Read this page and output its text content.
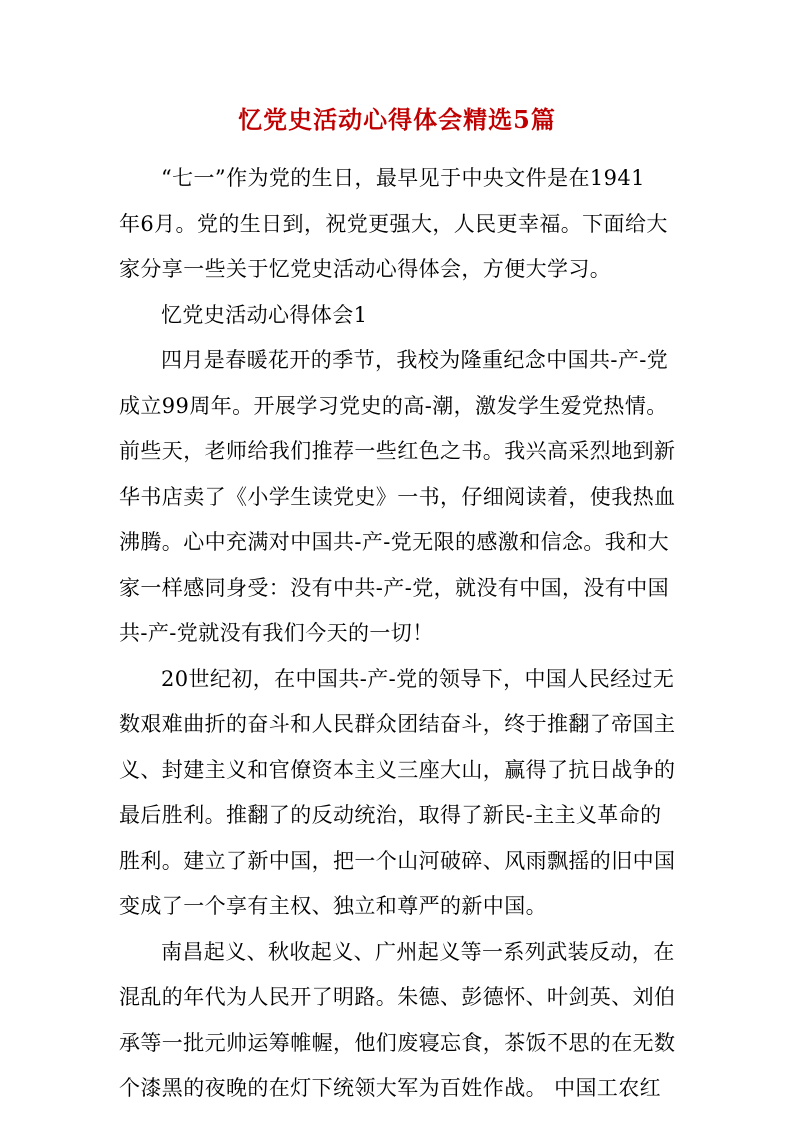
忆党史活动心得体会精选5篇
“七一”作为党的生日，最早见于中央文件是在1941
年6月。党的生日到，祝党更强大，人民更幸福。下面给大
家分享一些关于忆党史活动心得体会，方便大学习。
忆党史活动心得体会1
四月是春暖花开的季节，我校为隆重纪念中国共-产-党
成立99周年。开展学习党史的高-潮，激发学生爱党热情。
前些天，老师给我们推荐一些红色之书。我兴高采烈地到新
华书店卖了《小学生读党史》一书，仔细阅读着，使我热血
沸腾。心中充满对中国共-产-党无限的感激和信念。我和大
家一样感同身受：没有中共-产-党，就没有中国，没有中国
共-产-党就没有我们今天的一切！
20世纪初，在中国共-产-党的领导下，中国人民经过无
数艰难曲折的奋斗和人民群众团结奋斗，终于推翻了帝国主
义、封建主义和官僚资本主义三座大山，赢得了抗日战争的
最后胜利。推翻了的反动统治，取得了新民-主主义革命的
胜利。建立了新中国，把一个山河破碎、风雨飘摇的旧中国
变成了一个享有主权、独立和尊严的新中国。
南昌起义、秋收起义、广州起义等一系列武装反动，在
混乱的年代为人民开了明路。朱德、彭德怀、叶剑英、刘伯
承等一批元帅运筹帷幄，他们废寝忘食，茶饭不思的在无数
个漆黑的夜晚的在灯下统领大军为百姓作战。 中国工农红
